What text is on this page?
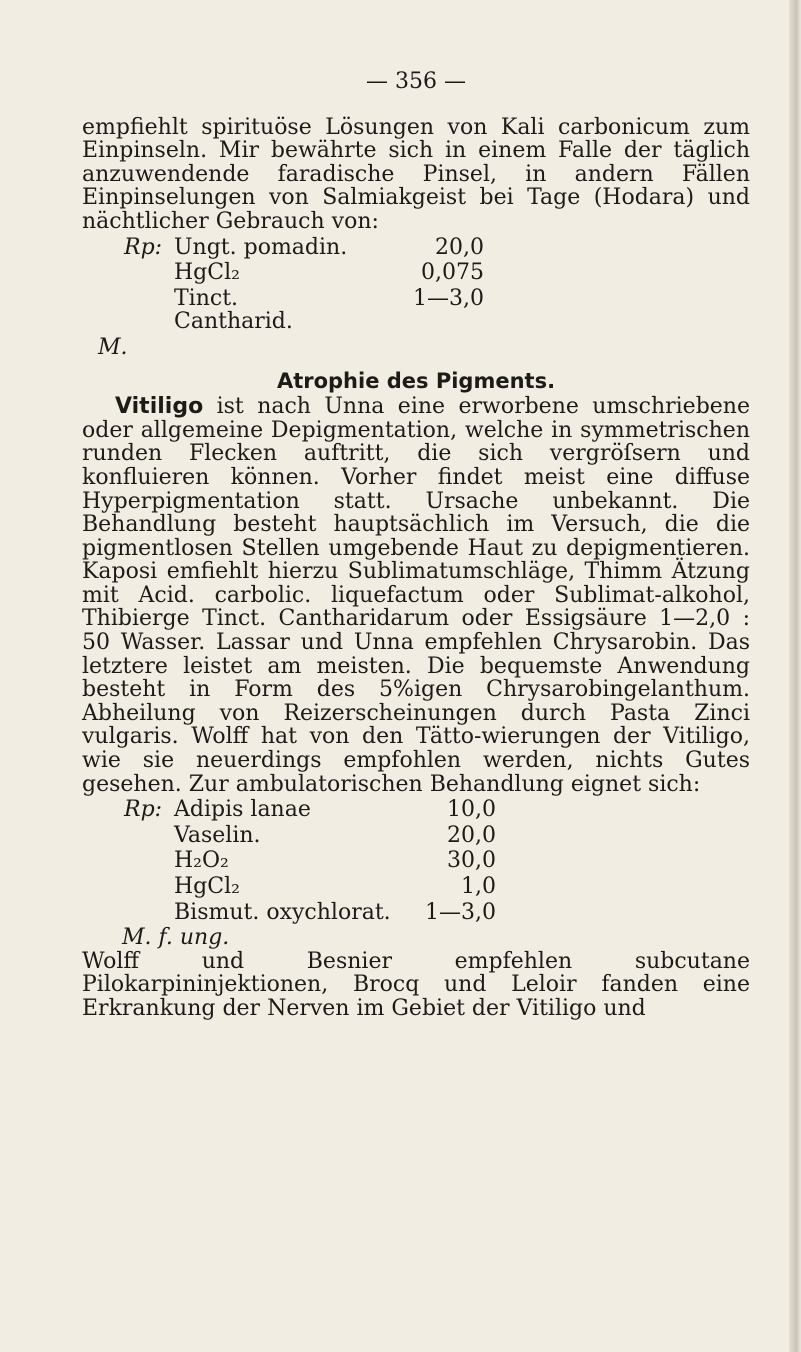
— 356 —

empfiehlt spirituöse Lösungen von Kali carbonicum zum Einpinseln. Mir bewährte sich in einem Falle der täglich anzuwendende faradische Pinsel, in andern Fällen Einpinselungen von Salmiakgeist bei Tage (Hodara) und nächtlicher Gebrauch von:

Rp:	Ungt. pomadin.	20,0
	HgCl₂	0,075
	Tinct. Cantharid.	1—3,0

M.

Atrophie des Pigments.

Vitiligo ist nach Unna eine erworbene umschriebene oder allgemeine Depigmentation, welche in symmetrischen runden Flecken auftritt, die sich vergröſsern und konfluieren können. Vorher findet meist eine diffuse Hyperpigmentation statt. Ursache unbekannt. Die Behandlung besteht hauptsächlich im Versuch, die die pigmentlosen Stellen umgebende Haut zu depigmentieren. Kaposi emfiehlt hierzu Sublimatumschläge, Thimm Ätzung mit Acid. carbolic. liquefactum oder Sublimat-alkohol, Thibierge Tinct. Cantharidarum oder Essigsäure 1—2,0 : 50 Wasser. Lassar und Unna empfehlen Chrysarobin. Das letztere leistet am meisten. Die bequemste Anwendung besteht in Form des 5%igen Chrysarobingelanthum. Abheilung von Reizerscheinungen durch Pasta Zinci vulgaris. Wolff hat von den Tätto-wierungen der Vitiligo, wie sie neuerdings empfohlen werden, nichts Gutes gesehen. Zur ambulatorischen Behandlung eignet sich:

Rp:	Adipis lanae	10,0
	Vaselin.	20,0
	H₂O₂	30,0
	HgCl₂	1,0
	Bismut. oxychlorat.	1—3,0

M. f. ung.

Wolff und Besnier empfehlen subcutane Pilokarpininjektionen, Brocq und Leloir fanden eine Erkrankung der Nerven im Gebiet der Vitiligo und
